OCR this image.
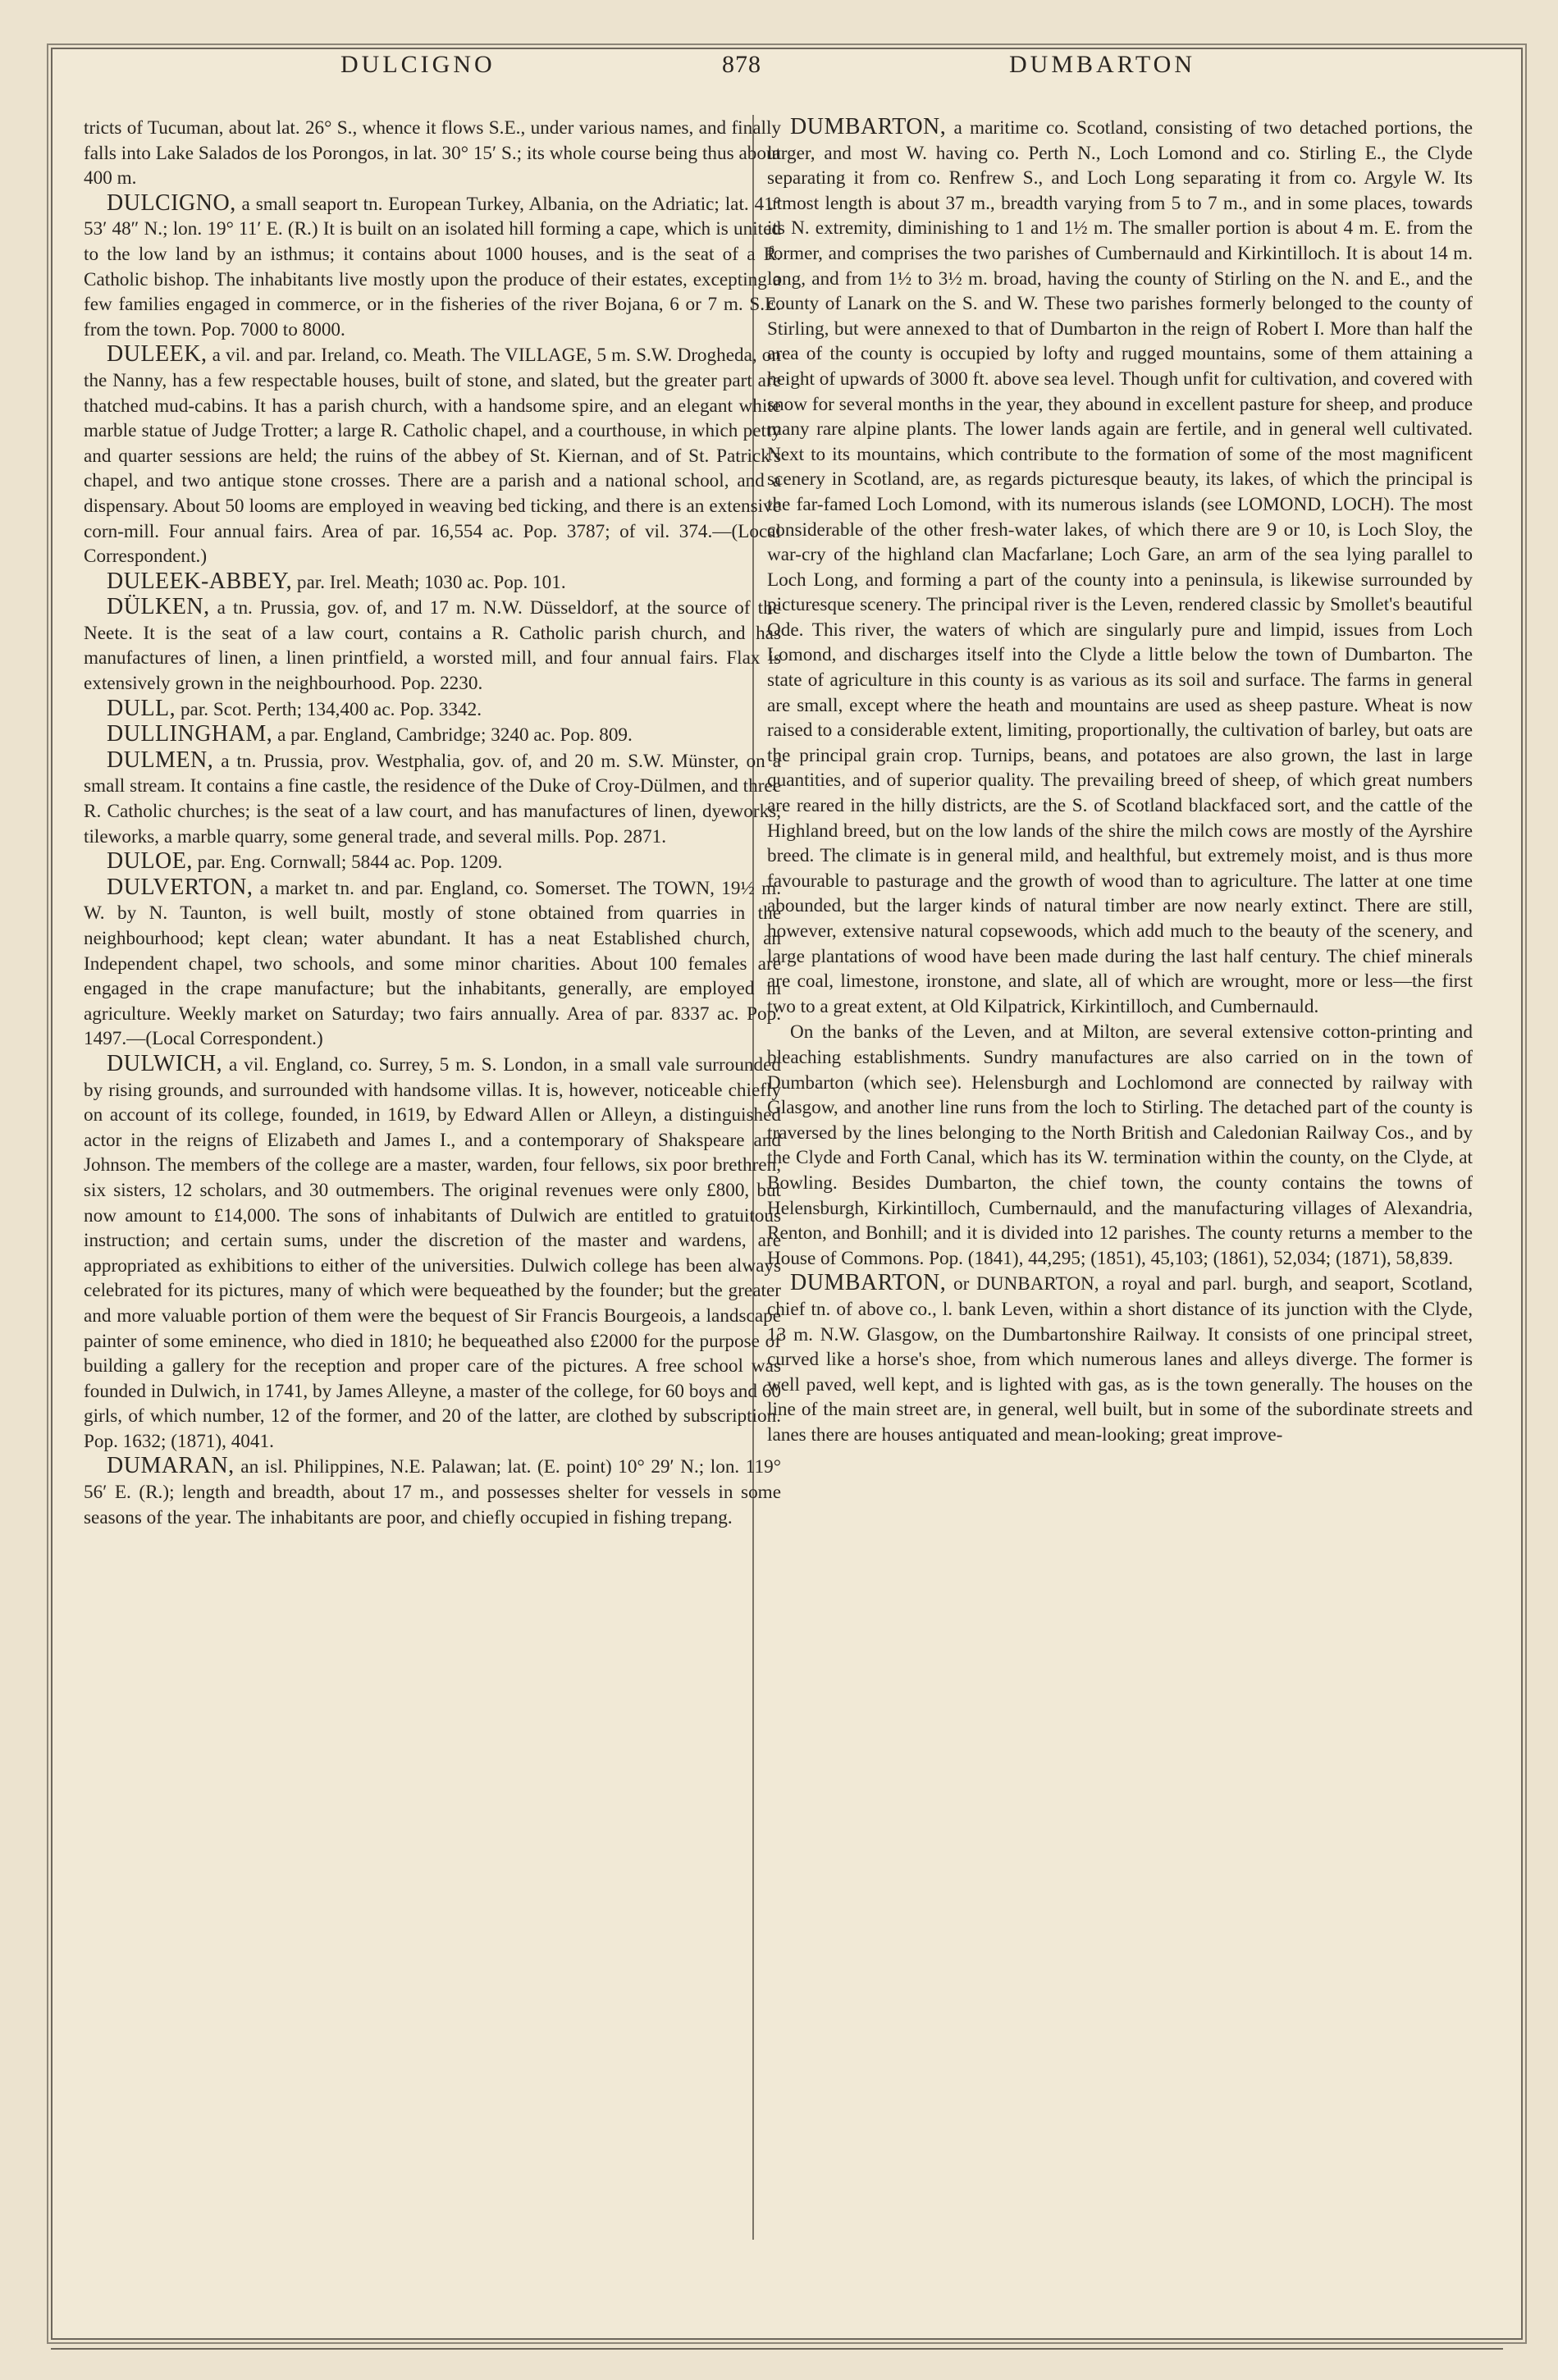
DULCIGNO	878	DUMBARTON

tricts of Tucuman, about lat. 26° S., whence it flows S.E., under various names, and finally falls into Lake Salados de los Porongos, in lat. 30° 15′ S.; its whole course being thus about 400 m.

DULCIGNO, a small seaport tn. European Turkey, Albania, on the Adriatic; lat. 41° 53′ 48″ N.; lon. 19° 11′ E. (R.) It is built on an isolated hill forming a cape, which is united to the low land by an isthmus; it contains about 1000 houses, and is the seat of a R. Catholic bishop. The inhabitants live mostly upon the produce of their estates, excepting a few families engaged in commerce, or in the fisheries of the river Bojana, 6 or 7 m. S.E. from the town. Pop. 7000 to 8000.

DULEEK, a vil. and par. Ireland, co. Meath. The VILLAGE, 5 m. S.W. Drogheda, on the Nanny, has a few respectable houses, built of stone, and slated, but the greater part are thatched mud-cabins. It has a parish church, with a handsome spire, and an elegant white marble statue of Judge Trotter; a large R. Catholic chapel, and a courthouse, in which petty and quarter sessions are held; the ruins of the abbey of St. Kiernan, and of St. Patrick's chapel, and two antique stone crosses. There are a parish and a national school, and a dispensary. About 50 looms are employed in weaving bed ticking, and there is an extensive corn-mill. Four annual fairs. Area of par. 16,554 ac. Pop. 3787; of vil. 374.—(Local Correspondent.)

DULEEK-ABBEY, par. Irel. Meath; 1030 ac. Pop. 101.

DÜLKEN, a tn. Prussia, gov. of, and 17 m. N.W. Düsseldorf, at the source of the Neete. It is the seat of a law court, contains a R. Catholic parish church, and has manufactures of linen, a linen printfield, a worsted mill, and four annual fairs. Flax is extensively grown in the neighbourhood. Pop. 2230.

DULL, par. Scot. Perth; 134,400 ac. Pop. 3342.

DULLINGHAM, a par. England, Cambridge; 3240 ac. Pop. 809.

DULMEN, a tn. Prussia, prov. Westphalia, gov. of, and 20 m. S.W. Münster, on a small stream. It contains a fine castle, the residence of the Duke of Croy-Dülmen, and three R. Catholic churches; is the seat of a law court, and has manufactures of linen, dyeworks, tileworks, a marble quarry, some general trade, and several mills. Pop. 2871.

DULOE, par. Eng. Cornwall; 5844 ac. Pop. 1209.

DULVERTON, a market tn. and par. England, co. Somerset. The TOWN, 19½ m. W. by N. Taunton, is well built, mostly of stone obtained from quarries in the neighbourhood; kept clean; water abundant. It has a neat Established church, an Independent chapel, two schools, and some minor charities. About 100 females are engaged in the crape manufacture; but the inhabitants, generally, are employed in agriculture. Weekly market on Saturday; two fairs annually. Area of par. 8337 ac. Pop. 1497.—(Local Correspondent.)

DULWICH, a vil. England, co. Surrey, 5 m. S. London, in a small vale surrounded by rising grounds, and surrounded with handsome villas. It is, however, noticeable chiefly on account of its college, founded, in 1619, by Edward Allen or Alleyn, a distinguished actor in the reigns of Elizabeth and James I., and a contemporary of Shakspeare and Johnson. The members of the college are a master, warden, four fellows, six poor brethren, six sisters, 12 scholars, and 30 outmembers. The original revenues were only £800, but now amount to £14,000. The sons of inhabitants of Dulwich are entitled to gratuitous instruction; and certain sums, under the discretion of the master and wardens, are appropriated as exhibitions to either of the universities. Dulwich college has been always celebrated for its pictures, many of which were bequeathed by the founder; but the greater and more valuable portion of them were the bequest of Sir Francis Bourgeois, a landscape painter of some eminence, who died in 1810; he bequeathed also £2000 for the purpose of building a gallery for the reception and proper care of the pictures. A free school was founded in Dulwich, in 1741, by James Alleyne, a master of the college, for 60 boys and 60 girls, of which number, 12 of the former, and 20 of the latter, are clothed by subscription. Pop. 1632; (1871), 4041.

DUMARAN, an isl. Philippines, N.E. Palawan; lat. (E. point) 10° 29′ N.; lon. 119° 56′ E. (R.); length and breadth, about 17 m., and possesses shelter for vessels in some seasons of the year. The inhabitants are poor, and chiefly occupied in fishing trepang.

DUMBARTON, a maritime co. Scotland, consisting of two detached portions, the larger, and most W. having co. Perth N., Loch Lomond and co. Stirling E., the Clyde separating it from co. Renfrew S., and Loch Long separating it from co. Argyle W. Its utmost length is about 37 m., breadth varying from 5 to 7 m., and in some places, towards its N. extremity, diminishing to 1 and 1½ m. The smaller portion is about 4 m. E. from the former, and comprises the two parishes of Cumbernauld and Kirkintilloch. It is about 14 m. long, and from 1½ to 3½ m. broad, having the county of Stirling on the N. and E., and the county of Lanark on the S. and W. These two parishes formerly belonged to the county of Stirling, but were annexed to that of Dumbarton in the reign of Robert I. More than half the area of the county is occupied by lofty and rugged mountains, some of them attaining a height of upwards of 3000 ft. above sea level. Though unfit for cultivation, and covered with snow for several months in the year, they abound in excellent pasture for sheep, and produce many rare alpine plants. The lower lands again are fertile, and in general well cultivated. Next to its mountains, which contribute to the formation of some of the most magnificent scenery in Scotland, are, as regards picturesque beauty, its lakes, of which the principal is the far-famed Loch Lomond, with its numerous islands (see LOMOND, LOCH). The most considerable of the other fresh-water lakes, of which there are 9 or 10, is Loch Sloy, the war-cry of the highland clan Macfarlane; Loch Gare, an arm of the sea lying parallel to Loch Long, and forming a part of the county into a peninsula, is likewise surrounded by picturesque scenery. The principal river is the Leven, rendered classic by Smollet's beautiful Ode. This river, the waters of which are singularly pure and limpid, issues from Loch Lomond, and discharges itself into the Clyde a little below the town of Dumbarton. The state of agriculture in this county is as various as its soil and surface. The farms in general are small, except where the heath and mountains are used as sheep pasture. Wheat is now raised to a considerable extent, limiting, proportionally, the cultivation of barley, but oats are the principal grain crop. Turnips, beans, and potatoes are also grown, the last in large quantities, and of superior quality. The prevailing breed of sheep, of which great numbers are reared in the hilly districts, are the S. of Scotland blackfaced sort, and the cattle of the Highland breed, but on the low lands of the shire the milch cows are mostly of the Ayrshire breed. The climate is in general mild, and healthful, but extremely moist, and is thus more favourable to pasturage and the growth of wood than to agriculture. The latter at one time abounded, but the larger kinds of natural timber are now nearly extinct. There are still, however, extensive natural copsewoods, which add much to the beauty of the scenery, and large plantations of wood have been made during the last half century. The chief minerals are coal, limestone, ironstone, and slate, all of which are wrought, more or less—the first two to a great extent, at Old Kilpatrick, Kirkintilloch, and Cumbernauld.

On the banks of the Leven, and at Milton, are several extensive cotton-printing and bleaching establishments. Sundry manufactures are also carried on in the town of Dumbarton (which see). Helensburgh and Lochlomond are connected by railway with Glasgow, and another line runs from the loch to Stirling. The detached part of the county is traversed by the lines belonging to the North British and Caledonian Railway Cos., and by the Clyde and Forth Canal, which has its W. termination within the county, on the Clyde, at Bowling. Besides Dumbarton, the chief town, the county contains the towns of Helensburgh, Kirkintilloch, Cumbernauld, and the manufacturing villages of Alexandria, Renton, and Bonhill; and it is divided into 12 parishes. The county returns a member to the House of Commons. Pop. (1841), 44,295; (1851), 45,103; (1861), 52,034; (1871), 58,839.

DUMBARTON, or DUNBARTON, a royal and parl. burgh, and seaport, Scotland, chief tn. of above co., l. bank Leven, within a short distance of its junction with the Clyde, 13 m. N.W. Glasgow, on the Dumbartonshire Railway. It consists of one principal street, curved like a horse's shoe, from which numerous lanes and alleys diverge. The former is well paved, well kept, and is lighted with gas, as is the town generally. The houses on the line of the main street are, in general, well built, but in some of the subordinate streets and lanes there are houses antiquated and mean-looking; great improve-
